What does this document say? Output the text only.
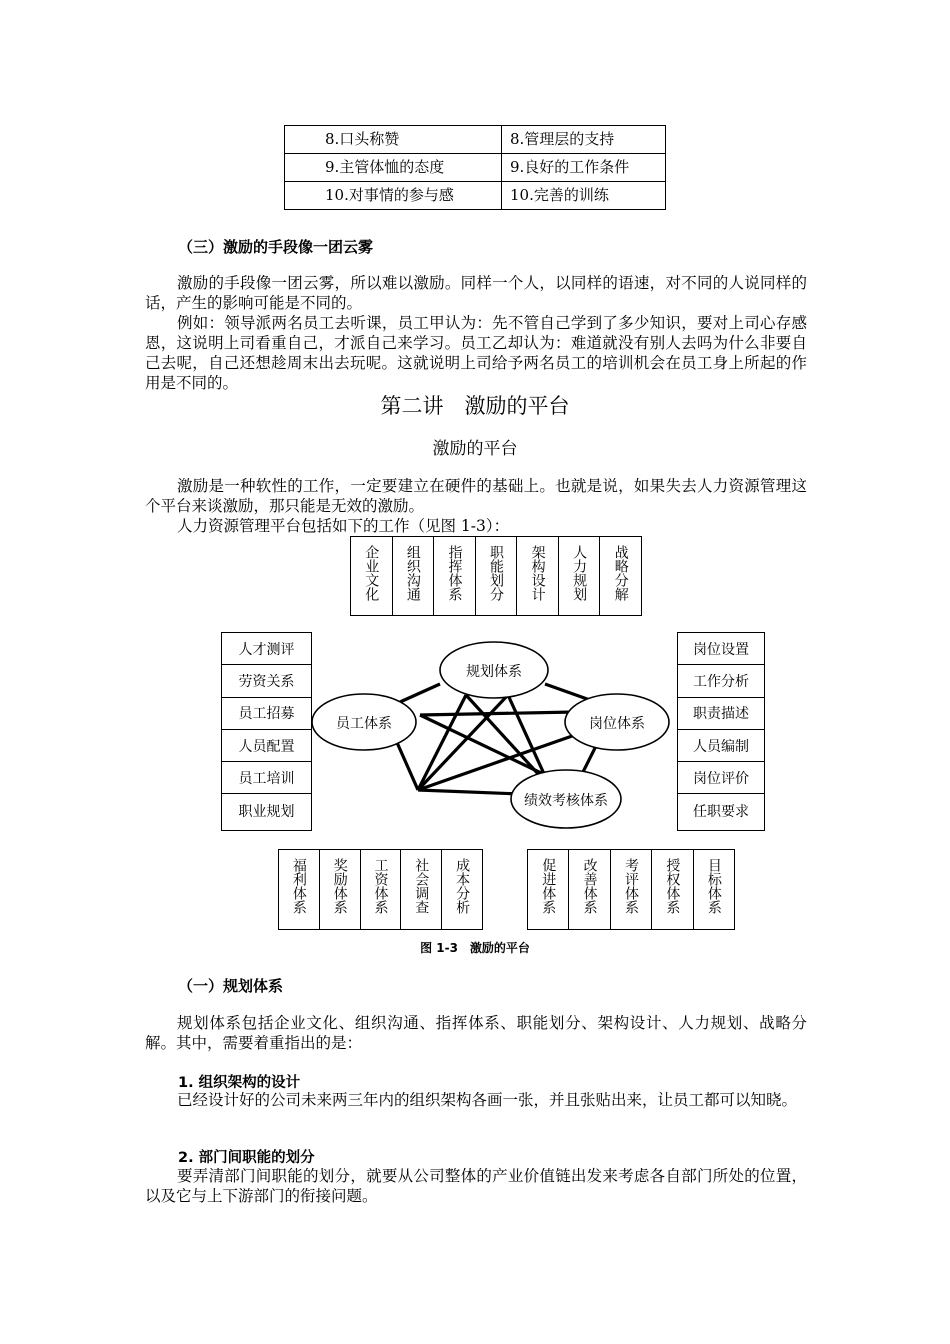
8.口头称赞	8.管理层的支持
9.主管体恤的态度	9.良好的工作条件
10.对事情的参与感	10.完善的训练
（三）激励的手段像一团云雾

激励的手段像一团云雾，所以难以激励。同样一个人，以同样的语速，对不同的人说同样的话，产生的影响可能是不同的。

例如：领导派两名员工去听课，员工甲认为：先不管自己学到了多少知识，要对上司心存感恩，这说明上司看重自己，才派自己来学习。员工乙却认为：难道就没有别人去吗为什么非要自己去呢，自己还想趁周末出去玩呢。这就说明上司给予两名员工的培训机会在员工身上所起的作用是不同的。

第二讲　激励的平台
激励的平台

激励是一种软性的工作，一定要建立在硬件的基础上。也就是说，如果失去人力资源管理这个平台来谈激励，那只能是无效的激励。

人力资源管理平台包括如下的工作（见图 1-3）：

企业文化 组织沟通 指挥体系 职能划分 架构设计 人力规划 战略分解
人才测评
劳资关系
员工招募
人员配置
员工培训
职业规划
岗位设置
工作分析
职责描述
人员编制
岗位评价
任职要求
规划体系
员工体系	岗位体系
绩效考核体系
福利体系 奖励体系 工资体系 社会调查 成本分析	促进体系 改善体系 考评体系 授权体系 目标体系
图 1-3　激励的平台
（一）规划体系

规划体系包括企业文化、组织沟通、指挥体系、职能划分、架构设计、人力规划、战略分解。其中，需要着重指出的是：

1. 组织架构的设计

已经设计好的公司未来两三年内的组织架构各画一张，并且张贴出来，让员工都可以知晓。

2. 部门间职能的划分

要弄清部门间职能的划分，就要从公司整体的产业价值链出发来考虑各自部门所处的位置，以及它与上下游部门的衔接问题。
